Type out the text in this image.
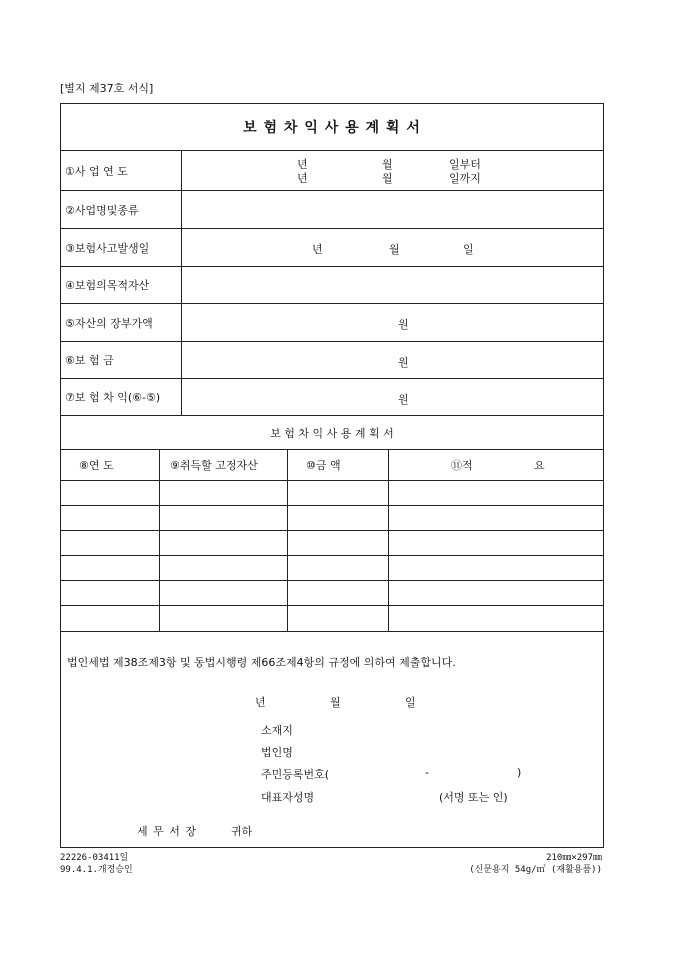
[별지 제37호 서식]
보 험 차 익 사 용 계 획 서
①사 업 연 도	년	월	일부터
년	월	일까지
②사업명및종류
③보험사고발생일	년	월	일
④보험의목적자산
⑤자산의 장부가액	원
⑥보 험 금	원
⑦보 험 차 익(⑥-⑤)	원
보 험 차 익 사 용 계 획 서
⑧연 도	⑨취득할 고정자산	⑩금 액	⑪적	요
법인세법 제38조제3항 및 동법시행령 제66조제4항의 규정에 의하여 제출합니다.
년	월	일
소재지
법인명
주민등록번호(	-	)
대표자성명	(서명 또는 인)
세 무 서 장	귀하
22226-03411일
99.4.1.개정승인
210㎜×297㎜
(신문용지 54g/㎡ (재활용품))
